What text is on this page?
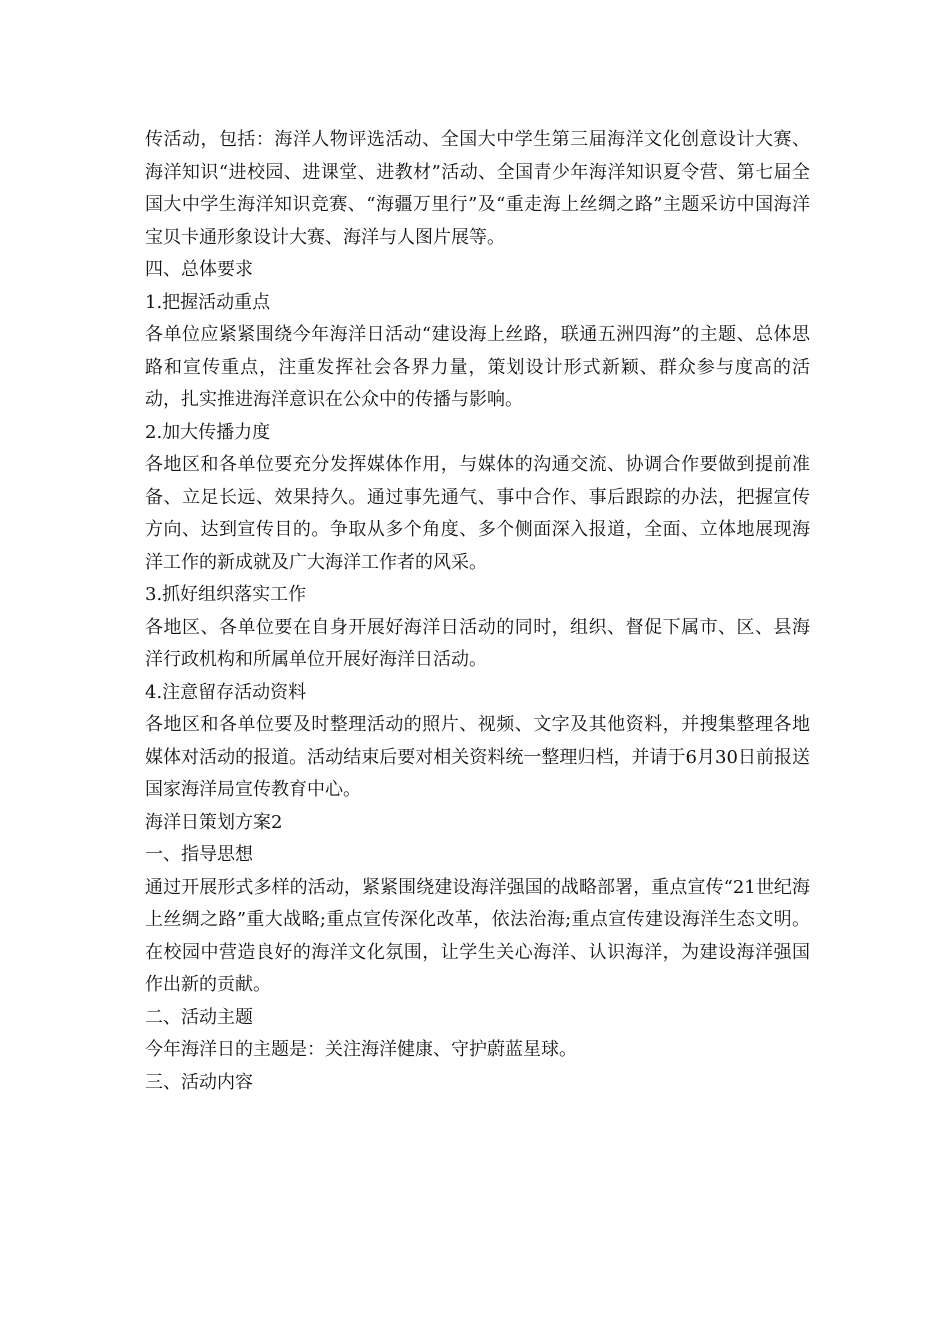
传活动，包括：海洋人物评选活动、全国大中学生第三届海洋文化创意设计大赛、海洋知识“进校园、进课堂、进教材”活动、全国青少年海洋知识夏令营、第七届全国大中学生海洋知识竞赛、“海疆万里行”及“重走海上丝绸之路”主题采访中国海洋宝贝卡通形象设计大赛、海洋与人图片展等。

四、总体要求

1.把握活动重点

各单位应紧紧围绕今年海洋日活动“建设海上丝路，联通五洲四海”的主题、总体思路和宣传重点，注重发挥社会各界力量，策划设计形式新颖、群众参与度高的活动，扎实推进海洋意识在公众中的传播与影响。

2.加大传播力度

各地区和各单位要充分发挥媒体作用，与媒体的沟通交流、协调合作要做到提前准备、立足长远、效果持久。通过事先通气、事中合作、事后跟踪的办法，把握宣传方向、达到宣传目的。争取从多个角度、多个侧面深入报道，全面、立体地展现海洋工作的新成就及广大海洋工作者的风采。

3.抓好组织落实工作

各地区、各单位要在自身开展好海洋日活动的同时，组织、督促下属市、区、县海洋行政机构和所属单位开展好海洋日活动。

4.注意留存活动资料

各地区和各单位要及时整理活动的照片、视频、文字及其他资料，并搜集整理各地媒体对活动的报道。活动结束后要对相关资料统一整理归档，并请于6月30日前报送国家海洋局宣传教育中心。

海洋日策划方案2

一、指导思想

通过开展形式多样的活动，紧紧围绕建设海洋强国的战略部署，重点宣传“21世纪海上丝绸之路”重大战略;重点宣传深化改革，依法治海;重点宣传建设海洋生态文明。在校园中营造良好的海洋文化氛围，让学生关心海洋、认识海洋，为建设海洋强国作出新的贡献。

二、活动主题

今年海洋日的主题是：关注海洋健康、守护蔚蓝星球。

三、活动内容
